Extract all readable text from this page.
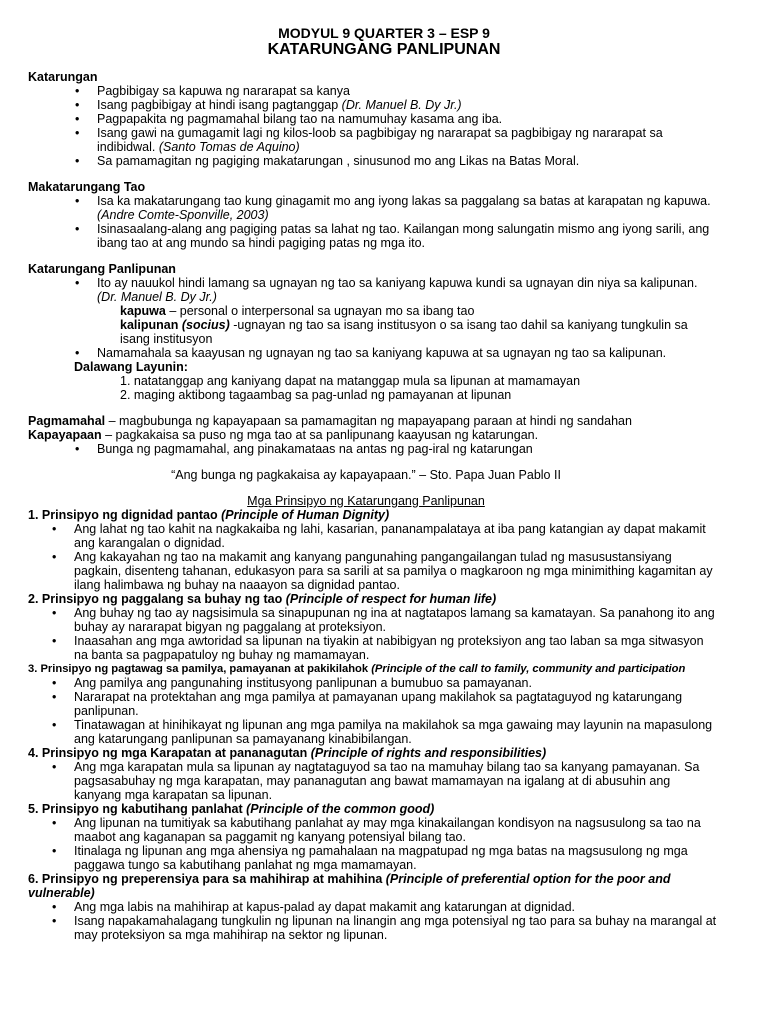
MODYUL 9 QUARTER 3 – ESP 9
KATARUNGANG PANLIPUNAN
Katarungan
• Pagbibigay sa kapuwa ng nararapat sa kanya
• Isang pagbibigay at hindi isang pagtanggap (Dr. Manuel B. Dy Jr.)
• Pagpapakita ng pagmamahal bilang tao na namumuhay kasama ang iba.
• Isang gawi na gumagamit lagi ng kilos-loob sa pagbibigay ng nararapat sa pagbibigay ng nararapat sa
indibidwal. (Santo Tomas de Aquino)
• Sa pamamagitan ng pagiging makatarungan , sinusunod mo ang Likas na Batas Moral.
Makatarungang Tao
• Isa ka makatarungang tao kung ginagamit mo ang iyong lakas sa paggalang sa batas at karapatan ng kapuwa.
(Andre Comte-Sponville, 2003)
• Isinasaalang-alang ang pagiging patas sa lahat ng tao. Kailangan mong salungatin mismo ang iyong sarili, ang
ibang tao at ang mundo sa hindi pagiging patas ng mga ito.
Katarungang Panlipunan
• Ito ay nauukol hindi lamang sa ugnayan ng tao sa kaniyang kapuwa kundi sa ugnayan din niya sa kalipunan.
(Dr. Manuel B. Dy Jr.)
kapuwa – personal o interpersonal sa ugnayan mo sa ibang tao
kalipunan (socius) -ugnayan ng tao sa isang institusyon o sa isang tao dahil sa kaniyang tungkulin sa
isang institusyon
• Namamahala sa kaayusan ng ugnayan ng tao sa kaniyang kapuwa at sa ugnayan ng tao sa kalipunan.
Dalawang Layunin:
1. natatanggap ang kaniyang dapat na matanggap mula sa lipunan at mamamayan
2. maging aktibong tagaambag sa pag-unlad ng pamayanan at lipunan
Pagmamahal – magbubunga ng kapayapaan sa pamamagitan ng mapayapang paraan at hindi ng sandahan
Kapayapaan – pagkakaisa sa puso ng mga tao at sa panlipunang kaayusan ng katarungan.
• Bunga ng pagmamahal, ang pinakamataas na antas ng pag-iral ng katarungan
“Ang bunga ng pagkakaisa ay kapayapaan.” – Sto. Papa Juan Pablo II
Mga Prinsipyo ng Katarungang Panlipunan
1. Prinsipyo ng dignidad pantao (Principle of Human Dignity)
• Ang lahat ng tao kahit na nagkakaiba ng lahi, kasarian, pananampalataya at iba pang katangian ay dapat makamit
ang karangalan o dignidad.
• Ang kakayahan ng tao na makamit ang kanyang pangunahing pangangailangan tulad ng masusustansiyang
pagkain, disenteng tahanan, edukasyon para sa sarili at sa pamilya o magkaroon ng mga minimithing kagamitan ay
ilang halimbawa ng buhay na naaayon sa dignidad pantao.
2. Prinsipyo ng paggalang sa buhay ng tao (Principle of respect for human life)
• Ang buhay ng tao ay nagsisimula sa sinapupunan ng ina at nagtatapos lamang sa kamatayan. Sa panahong ito ang
buhay ay nararapat bigyan ng paggalang at proteksiyon.
• Inaasahan ang mga awtoridad sa lipunan na tiyakin at nabibigyan ng proteksiyon ang tao laban sa mga sitwasyon
na banta sa pagpapatuloy ng buhay ng mamamayan.
3. Prinsipyo ng pagtawag sa pamilya, pamayanan at pakikilahok (Principle of the call to family, community and participation
• Ang pamilya ang pangunahing institusyong panlipunan a bumubuo sa pamayanan.
• Nararapat na protektahan ang mga pamilya at pamayanan upang makilahok sa pagtataguyod ng katarungang
panlipunan.
• Tinatawagan at hinihikayat ng lipunan ang mga pamilya na makilahok sa mga gawaing may layunin na mapasulong
ang katarungang panlipunan sa pamayanang kinabibilangan.
4. Prinsipyo ng mga Karapatan at pananagutan (Principle of rights and responsibilities)
• Ang mga karapatan mula sa lipunan ay nagtataguyod sa tao na mamuhay bilang tao sa kanyang pamayanan. Sa
pagsasabuhay ng mga karapatan, may pananagutan ang bawat mamamayan na igalang at di abusuhin ang
kanyang mga karapatan sa lipunan.
5. Prinsipyo ng kabutihang panlahat (Principle of the common good)
• Ang lipunan na tumitiyak sa kabutihang panlahat ay may mga kinakailangan kondisyon na nagsusulong sa tao na
maabot ang kaganapan sa paggamit ng kanyang potensiyal bilang tao.
• Itinalaga ng lipunan ang mga ahensiya ng pamahalaan na magpatupad ng mga batas na magsusulong ng mga
paggawa tungo sa kabutihang panlahat ng mga mamamayan.
6. Prinsipyo ng preperensiya para sa mahihirap at mahihina (Principle of preferential option for the poor and
vulnerable)
• Ang mga labis na mahihirap at kapus-palad ay dapat makamit ang katarungan at dignidad.
• Isang napakamahalagang tungkulin ng lipunan na linangin ang mga potensiyal ng tao para sa buhay na marangal at
may proteksiyon sa mga mahihirap na sektor ng lipunan.
